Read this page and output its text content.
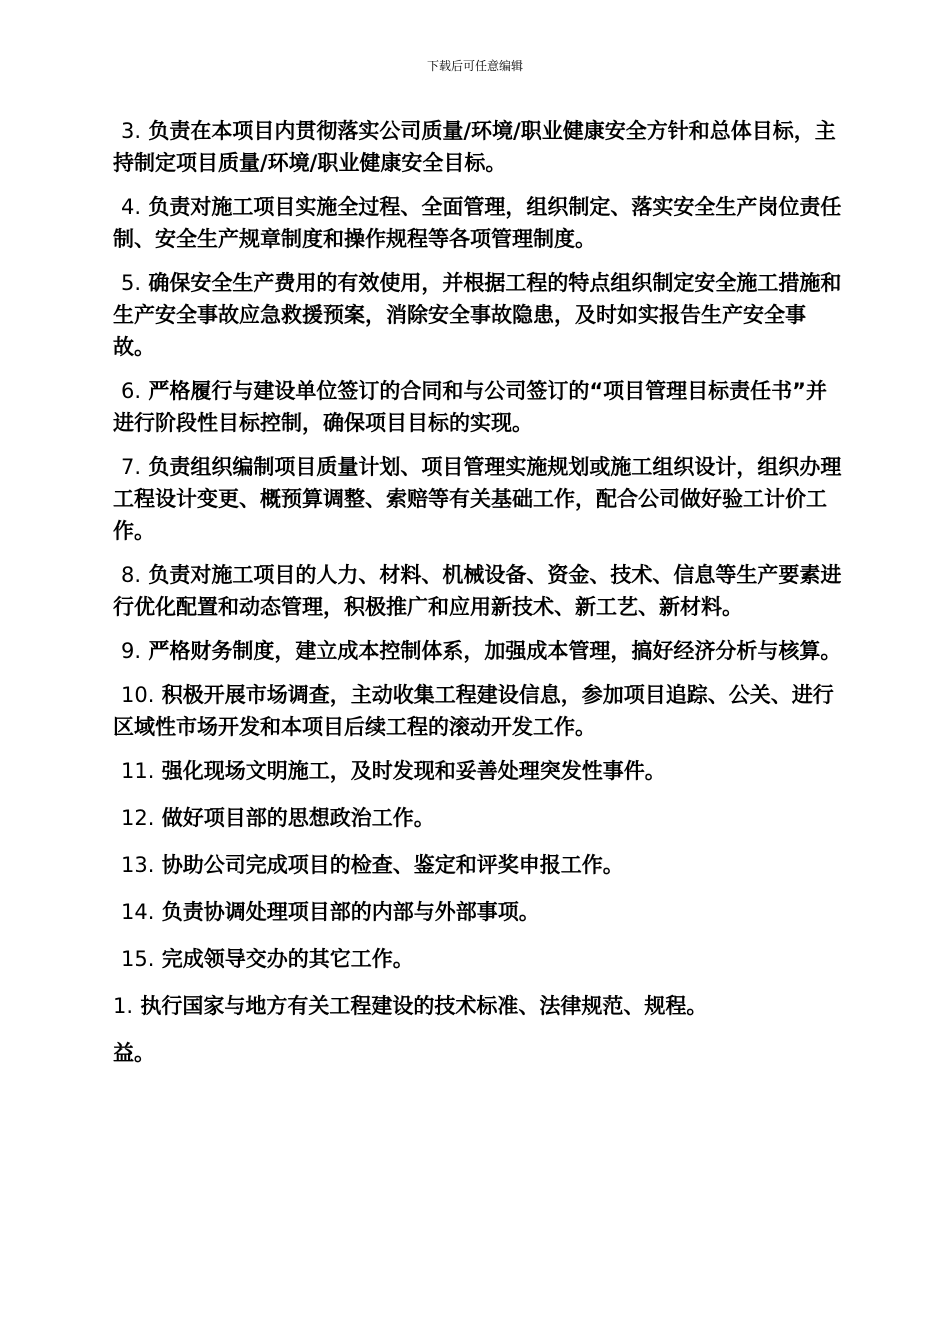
下载后可任意编辑

3. 负责在本项目内贯彻落实公司质量/环境/职业健康安全方针和总体目标，主持制定项目质量/环境/职业健康安全目标。

4. 负责对施工项目实施全过程、全面管理，组织制定、落实安全生产岗位责任制、安全生产规章制度和操作规程等各项管理制度。

5. 确保安全生产费用的有效使用，并根据工程的特点组织制定安全施工措施和生产安全事故应急救援预案，消除安全事故隐患，及时如实报告生产安全事故。

6. 严格履行与建设单位签订的合同和与公司签订的“项目管理目标责任书”并进行阶段性目标控制，确保项目目标的实现。

7. 负责组织编制项目质量计划、项目管理实施规划或施工组织设计，组织办理工程设计变更、概预算调整、索赔等有关基础工作，配合公司做好验工计价工作。

8. 负责对施工项目的人力、材料、机械设备、资金、技术、信息等生产要素进行优化配置和动态管理，积极推广和应用新技术、新工艺、新材料。

9. 严格财务制度，建立成本控制体系，加强成本管理，搞好经济分析与核算。

10. 积极开展市场调查，主动收集工程建设信息，参加项目追踪、公关、进行区域性市场开发和本项目后续工程的滚动开发工作。

11. 强化现场文明施工，及时发现和妥善处理突发性事件。

12. 做好项目部的思想政治工作。

13. 协助公司完成项目的检查、鉴定和评奖申报工作。

14. 负责协调处理项目部的内部与外部事项。

15. 完成领导交办的其它工作。

1. 执行国家与地方有关工程建设的技术标准、法律规范、规程。

益。
